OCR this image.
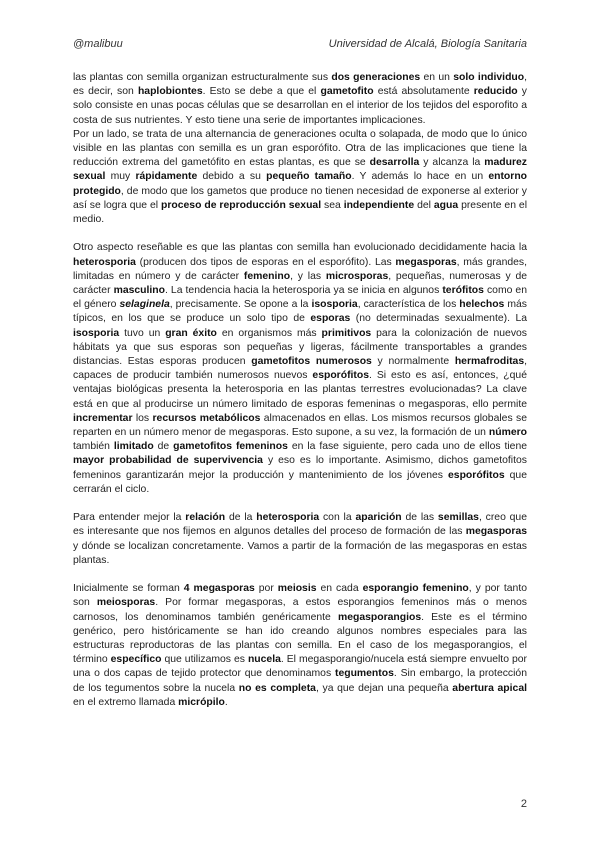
@malibuu	Universidad de Alcalá, Biología Sanitaria

las plantas con semilla organizan estructuralmente sus dos generaciones en un solo individuo, es decir, son haplobiontes. Esto se debe a que el gametofito está absolutamente reducido y solo consiste en unas pocas células que se desarrollan en el interior de los tejidos del esporofito a costa de sus nutrientes. Y esto tiene una serie de importantes implicaciones.

Por un lado, se trata de una alternancia de generaciones oculta o solapada, de modo que lo único visible en las plantas con semilla es un gran esporófito. Otra de las implicaciones que tiene la reducción extrema del gametófito en estas plantas, es que se desarrolla y alcanza la madurez sexual muy rápidamente debido a su pequeño tamaño. Y además lo hace en un entorno protegido, de modo que los gametos que produce no tienen necesidad de exponerse al exterior y así se logra que el proceso de reproducción sexual sea independiente del agua presente en el medio.

Otro aspecto reseñable es que las plantas con semilla han evolucionado decididamente hacia la heterosporia (producen dos tipos de esporas en el esporófito). Las megasporas, más grandes, limitadas en número y de carácter femenino, y las microsporas, pequeñas, numerosas y de carácter masculino. La tendencia hacia la heterosporia ya se inicia en algunos terófitos como en el género selaginela, precisamente. Se opone a la isosporia, característica de los helechos más típicos, en los que se produce un solo tipo de esporas (no determinadas sexualmente). La isosporia tuvo un gran éxito en organismos más primitivos para la colonización de nuevos hábitats ya que sus esporas son pequeñas y ligeras, fácilmente transportables a grandes distancias. Estas esporas producen gametofitos numerosos y normalmente hermafroditas, capaces de producir también numerosos nuevos esporófitos. Si esto es así, entonces, ¿qué ventajas biológicas presenta la heterosporia en las plantas terrestres evolucionadas? La clave está en que al producirse un número limitado de esporas femeninas o megasporas, ello permite incrementar los recursos metabólicos almacenados en ellas. Los mismos recursos globales se reparten en un número menor de megasporas. Esto supone, a su vez, la formación de un número también limitado de gametofitos femeninos en la fase siguiente, pero cada uno de ellos tiene mayor probabilidad de supervivencia y eso es lo importante. Asimismo, dichos gametofitos femeninos garantizarán mejor la producción y mantenimiento de los jóvenes esporófitos que cerrarán el ciclo.

Para entender mejor la relación de la heterosporia con la aparición de las semillas, creo que es interesante que nos fijemos en algunos detalles del proceso de formación de las megasporas y dónde se localizan concretamente. Vamos a partir de la formación de las megasporas en estas plantas.

Inicialmente se forman 4 megasporas por meiosis en cada esporangio femenino, y por tanto son meiosporas. Por formar megasporas, a estos esporangios femeninos más o menos carnosos, los denominamos también genéricamente megasporangios. Este es el término genérico, pero históricamente se han ido creando algunos nombres especiales para las estructuras reproductoras de las plantas con semilla. En el caso de los megasporangios, el término específico que utilizamos es nucela. El megasporangio/nucela está siempre envuelto por una o dos capas de tejido protector que denominamos tegumentos. Sin embargo, la protección de los tegumentos sobre la nucela no es completa, ya que dejan una pequeña abertura apical en el extremo llamada micrópilo.

2
